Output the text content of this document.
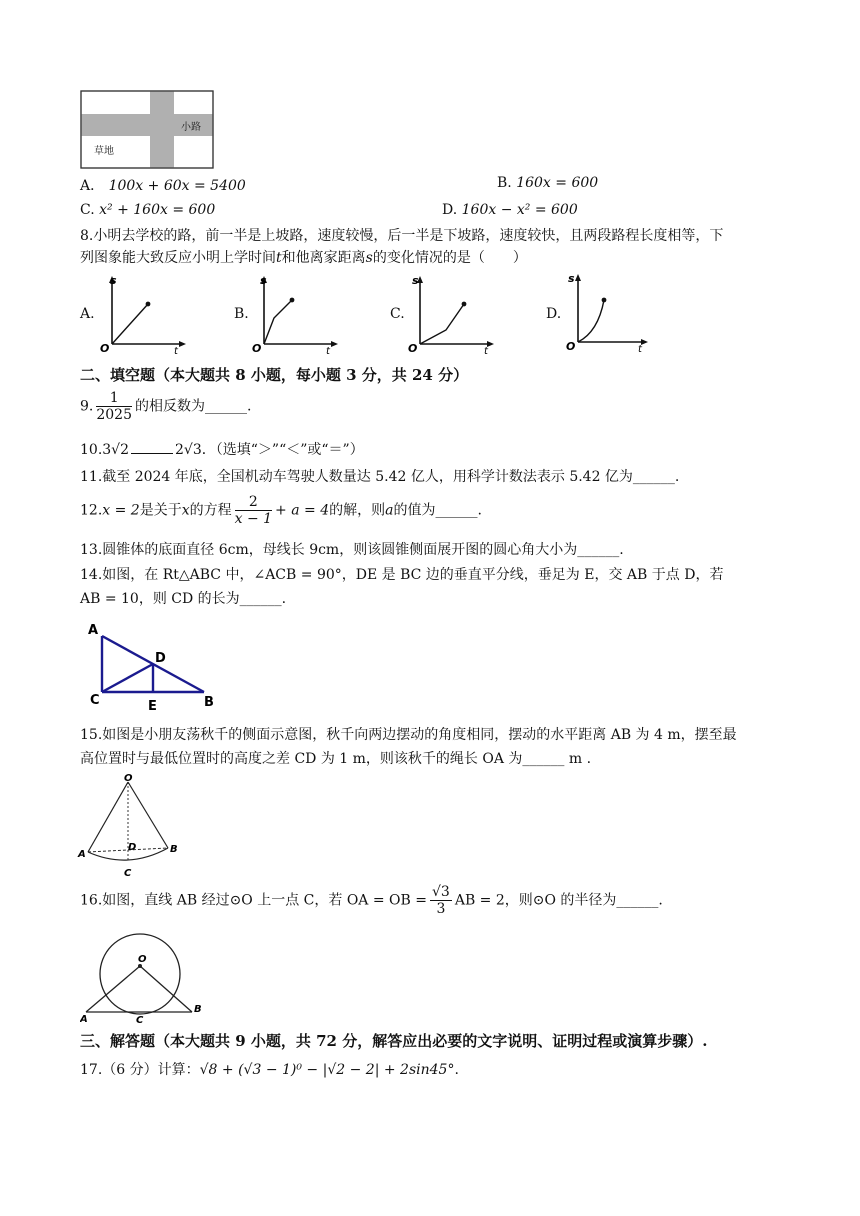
小路
草地
A． 100x + 60x = 5400	B. 160x = 600
C. x² + 160x = 600	D. 160x − x² = 600
8.小明去学校的路，前一半是上坡路，速度较慢，后一半是下坡路，速度较快，且两段路程长度相等，下
列图象能大致反应小明上学时间t和他离家距离s的变化情况的是（　　）
A.
s
O	t
B.
s
O	t
C.
s
O	t
D.
s
O	t
二、填空题（本大题共 8 小题，每小题 3 分，共 24 分）
9. $\frac{1}{2025}$ 的相反数为______.
10.3√2	2√3．（选填“＞”“＜”或“＝”）
11.截至 2024 年底，全国机动车驾驶人数量达 5.42 亿人，用科学计数法表示 5.42 亿为______.
12.x = 2是关于x的方程 $\frac{2}{x - 1} + a = 4$的解，则a的值为______.
13.圆锥体的底面直径 6cm，母线长 9cm，则该圆锥侧面展开图的圆心角大小为______.
14.如图，在 Rt△ABC 中，∠ACB = 90°，DE 是 BC 边的垂直平分线，垂足为 E，交 AB 于点 D，若
AB = 10，则 CD 的长为______.
A
D
C	E	B
15.如图是小朋友荡秋千的侧面示意图，秋千向两边摆动的角度相同，摆动的水平距离 AB 为 4 m，摆至最
高位置时与最低位置时的高度之差 CD 为 1 m，则该秋千的绳长 OA 为______ m .
O
A	B
D
C
16.如图，直线 AB 经过⊙O 上一点 C，若 OA = OB = $\frac{√3}{3}$ AB = 2，则⊙O 的半径为______.
O
A
B
C
三、解答题（本大题共 9 小题，共 72 分，解答应出必要的文字说明、证明过程或演算步骤）.
17.（6 分）计算：√8 + (√3 − 1)⁰ − |√2 − 2| + 2sin45°.
